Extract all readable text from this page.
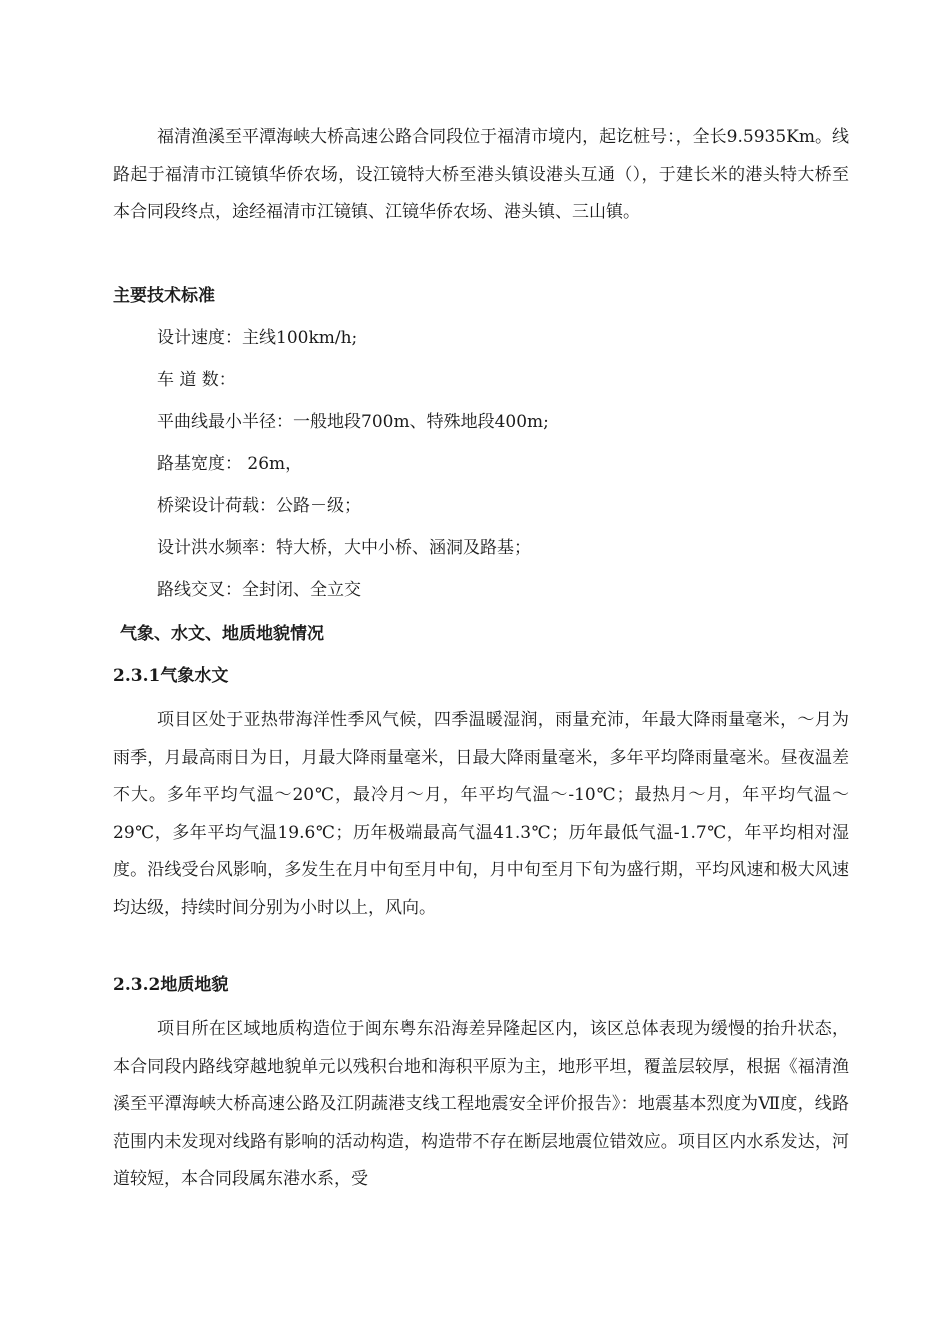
福清渔溪至平潭海峡大桥高速公路合同段位于福清市境内，起讫桩号：，全长9.5935Km。线路起于福清市江镜镇华侨农场，设江镜特大桥至港头镇设港头互通（），于建长米的港头特大桥至本合同段终点，途经福清市江镜镇、江镜华侨农场、港头镇、三山镇。
主要技术标准
设计速度：主线100km/h;
车 道 数：
平曲线最小半径：一般地段700m、特殊地段400m;
路基宽度： 26m，
桥梁设计荷载：公路－级；
设计洪水频率：特大桥，大中小桥、涵洞及路基；
路线交叉：全封闭、全立交
气象、水文、地质地貌情况
2.3.1气象水文
项目区处于亚热带海洋性季风气候，四季温暖湿润，雨量充沛，年最大降雨量毫米，～月为雨季，月最高雨日为日，月最大降雨量毫米，日最大降雨量毫米，多年平均降雨量毫米。昼夜温差不大。多年平均气温～20℃，最冷月～月，年平均气温～-10℃；最热月～月，年平均气温～29℃，多年平均气温19.6℃；历年极端最高气温41.3℃；历年最低气温-1.7℃，年平均相对湿度。沿线受台风影响，多发生在月中旬至月中旬，月中旬至月下旬为盛行期，平均风速和极大风速均达级，持续时间分别为小时以上，风向。
2.3.2地质地貌
项目所在区域地质构造位于闽东粤东沿海差异隆起区内，该区总体表现为缓慢的抬升状态，本合同段内路线穿越地貌单元以残积台地和海积平原为主，地形平坦，覆盖层较厚，根据《福清渔溪至平潭海峡大桥高速公路及江阴蔬港支线工程地震安全评价报告》：地震基本烈度为Ⅶ度，线路范围内未发现对线路有影响的活动构造，构造带不存在断层地震位错效应。项目区内水系发达，河道较短，本合同段属东港水系，受
